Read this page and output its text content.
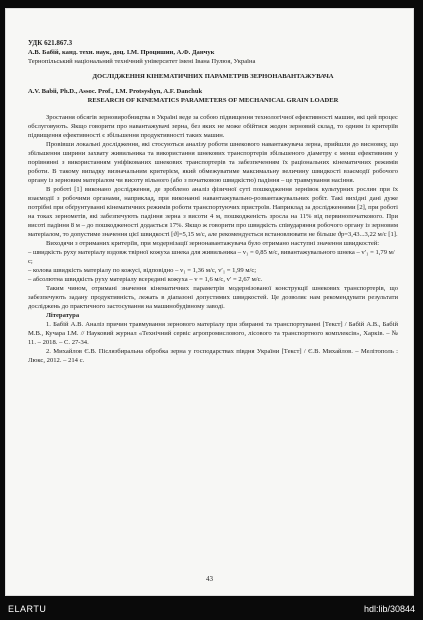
УДК 621.867.3

А.В. Бабій, канд. техн. наук, доц. І.М. Процишин, А.Ф. Данчук

Тернопільський національний технічний університет імені Івана Пулюя, Україна

ДОСЛІДЖЕННЯ КІНЕМАТИЧНИХ ПАРАМЕТРІВ ЗЕРНОНАВАНТАЖУВАЧА

A.V. Babii, Ph.D., Assoc. Prof., I.M. Protsyshyn, A.F. Danchuk

RESEARCH OF KINEMATICS PARAMETERS OF MECHANICAL GRAIN LOADER

Зростання обсягів зерновиробництва в Україні веде за собою підвищення технологічної ефективності машин, які цей процес обслуговують. Якщо говорити про навантажувачі зерна, без яких не може обійтися жоден зерновий склад, то одним із критеріїв підвищення ефективності є збільшення продуктивності таких машин.

Провівши локальні дослідження, які стосуються аналізу роботи шнекового навантажувача зерна, прийшли до висновку, що збільшення ширини захвату живильника та використання шнекових транспортерів збільшеного діаметру є менш ефективним у порівнянні з використанням уніфікованих шнекових транспортерів та забезпеченням їх раціональних кінематичних режимів роботи. В такому випадку визначальним критерієм, який обмежуватиме максимальну величину швидкості взаємодії робочого органу із зерновим матеріалом чи висоту вільного (або з початковою швидкістю) падіння – це травмування насіння.

В роботі [1] виконано дослідження, де зроблено аналіз фізичної суті пошкодження зернівок культурних рослин при їх взаємодії з робочими органами, наприклад, при виконанні навантажувально-розвантажувальних робіт. Такі вихідні дані дуже потрібні при обґрунтуванні кінематичних режимів роботи транспортуючих пристроїв. Наприклад за дослідженнями [2], при роботі на токах зернометів, які забезпечують падіння зерна з висоти 4 м, пошкодженість зросла на 11% від первинопочаткового. При висоті падіння 8 м – до пошкодженості додається 17%. Якщо ж говорити про швидкість співударяння робочого органу із зерновим матеріалом, то допустиме значення цієї швидкості [ϑ]=5,15 м/с, але рекомендується встановлювати не більше ϑp=3,43...3,22 м/с [1].

Виходячи з отриманих критеріїв, при модернізації зернонавантажувача було отримано наступні значення швидкостей:

– швидкість руху матеріалу вздовж твірної кожуха шнека для живильника – v₁ = 0,85 м/с, вивантажувального шнека – v′₁ = 1,79 м/с;

– колова швидкість матеріалу по кожусі, відповідно – v₁ = 1,36 м/с, v′₁ = 1,99 м/с;

– абсолютна швидкість руху матеріалу всередині кожуха – v = 1,6 м/с, v′ = 2,67 м/с.

Таким чином, отримані значення кінематичних параметрів модернізованої конструкції шнекових транспортерів, що забезпечують задану продуктивність, лежать в діапазоні допустимих швидкостей. Це дозволяє нам рекомендувати результати досліджень до практичного застосування на машинобудівному заводі.

Література

1. Бабій А.В. Аналіз причин травмування зернового матеріалу при збиранні та транспортуванні [Текст] / Бабій А.В., Бабій М.В., Кучара І.М. // Науковий журнал «Технічний сервіс агропромислового, лісового та транспортного комплексів», Харків. – № 11. – 2018. – С. 27-34.

2. Михайлов Є.В. Післязбиральна обробка зерна у господарствах півдня України [Текст] / Є.В. Михайлов. – Мелітополь : Люкс, 2012. – 214 с.

43
ELARTU	hdl:lib/30844
